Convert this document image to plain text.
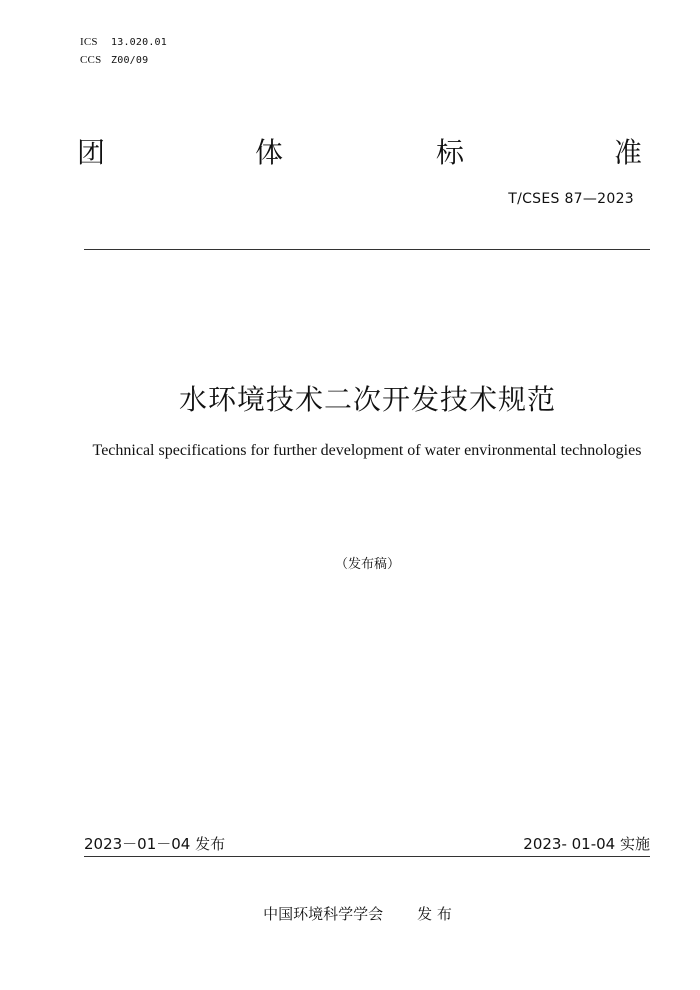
ICS 13.020.01
CCS Z00/09
团	体	标	准
T/CSES 87—2023
水环境技术二次开发技术规范
Technical specifications for further development of water environmental technologies
（发布稿）
2023－01－04 发布	2023- 01-04 实施
中国环境科学学会 发 布
